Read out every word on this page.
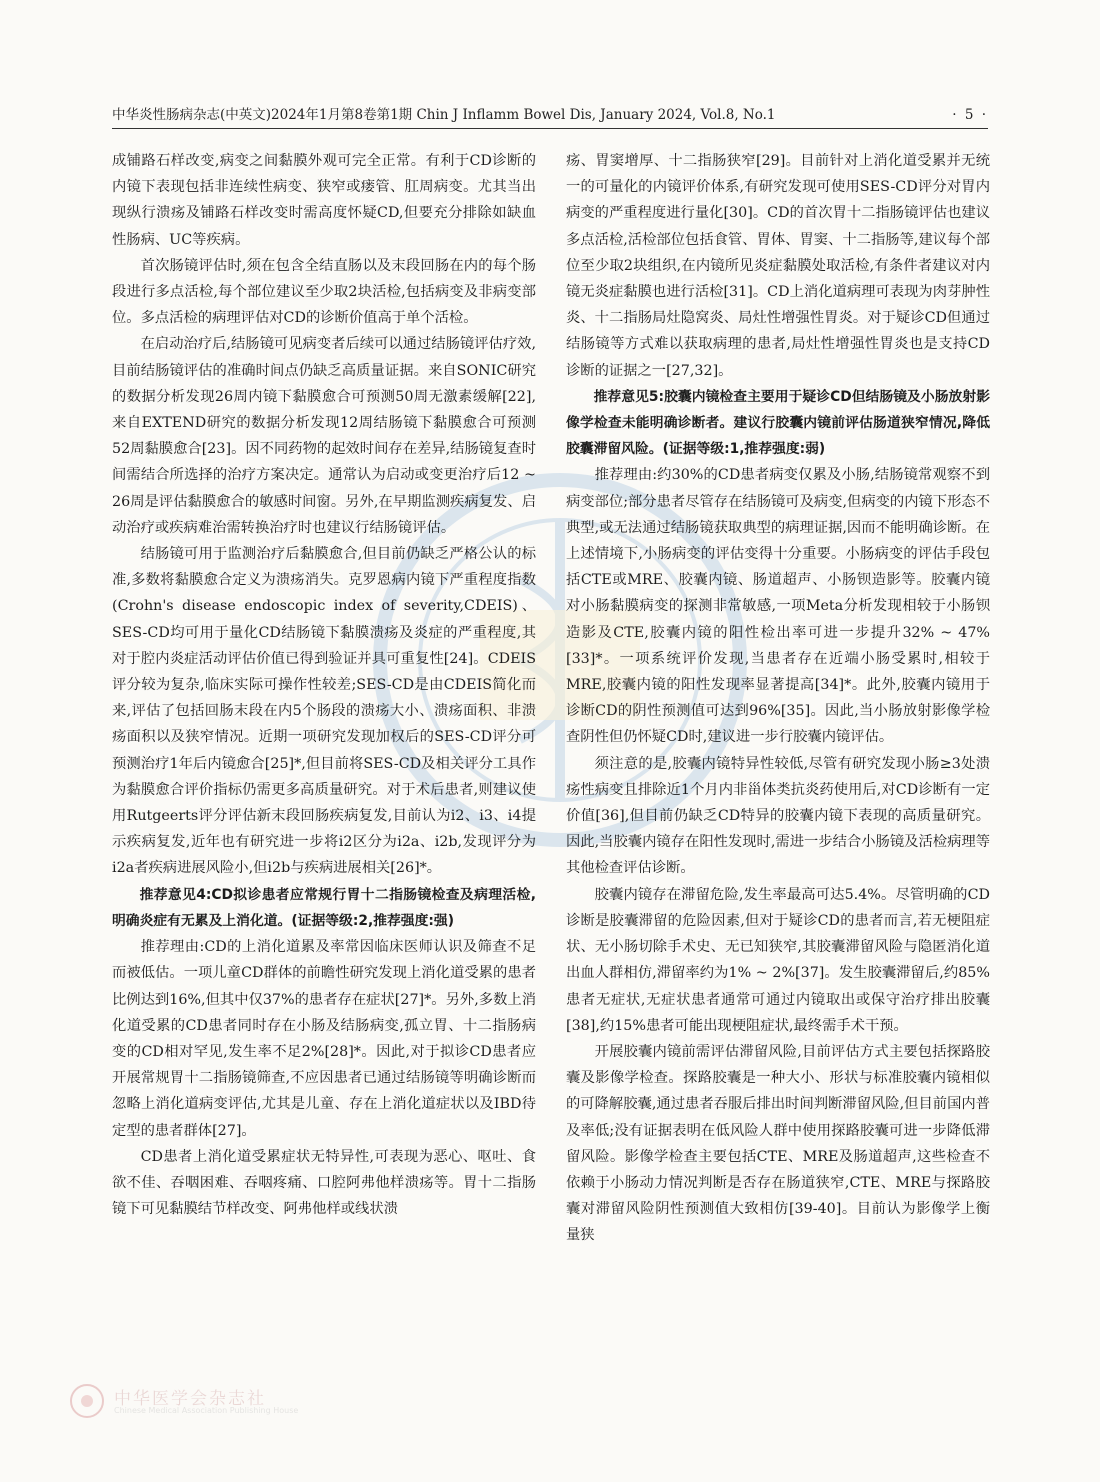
中华炎性肠病杂志(中英文)2024年1月第8卷第1期 Chin J Inflamm Bowel Dis, January 2024, Vol.8, No.1	· 5 ·

成铺路石样改变,病变之间黏膜外观可完全正常。有利于CD诊断的内镜下表现包括非连续性病变、狭窄或瘘管、肛周病变。尤其当出现纵行溃疡及铺路石样改变时需高度怀疑CD,但要充分排除如缺血性肠病、UC等疾病。

首次肠镜评估时,须在包含全结直肠以及末段回肠在内的每个肠段进行多点活检,每个部位建议至少取2块活检,包括病变及非病变部位。多点活检的病理评估对CD的诊断价值高于单个活检。

在启动治疗后,结肠镜可见病变者后续可以通过结肠镜评估疗效,目前结肠镜评估的准确时间点仍缺乏高质量证据。来自SONIC研究的数据分析发现26周内镜下黏膜愈合可预测50周无激素缓解[22],来自EXTEND研究的数据分析发现12周结肠镜下黏膜愈合可预测52周黏膜愈合[23]。因不同药物的起效时间存在差异,结肠镜复查时间需结合所选择的治疗方案决定。通常认为启动或变更治疗后12 ~ 26周是评估黏膜愈合的敏感时间窗。另外,在早期监测疾病复发、启动治疗或疾病难治需转换治疗时也建议行结肠镜评估。

结肠镜可用于监测治疗后黏膜愈合,但目前仍缺乏严格公认的标准,多数将黏膜愈合定义为溃疡消失。克罗恩病内镜下严重程度指数(Crohn's disease endoscopic index of severity,CDEIS)、SES-CD均可用于量化CD结肠镜下黏膜溃疡及炎症的严重程度,其对于腔内炎症活动评估价值已得到验证并具可重复性[24]。CDEIS评分较为复杂,临床实际可操作性较差;SES-CD是由CDEIS简化而来,评估了包括回肠末段在内5个肠段的溃疡大小、溃疡面积、非溃疡面积以及狭窄情况。近期一项研究发现加权后的SES-CD评分可预测治疗1年后内镜愈合[25]*,但目前将SES-CD及相关评分工具作为黏膜愈合评价指标仍需更多高质量研究。对于术后患者,则建议使用Rutgeerts评分评估新末段回肠疾病复发,目前认为i2、i3、i4提示疾病复发,近年也有研究进一步将i2区分为i2a、i2b,发现评分为i2a者疾病进展风险小,但i2b与疾病进展相关[26]*。

推荐意见4:CD拟诊患者应常规行胃十二指肠镜检查及病理活检,明确炎症有无累及上消化道。(证据等级:2,推荐强度:强)

推荐理由:CD的上消化道累及率常因临床医师认识及筛查不足而被低估。一项儿童CD群体的前瞻性研究发现上消化道受累的患者比例达到16%,但其中仅37%的患者存在症状[27]*。另外,多数上消化道受累的CD患者同时存在小肠及结肠病变,孤立胃、十二指肠病变的CD相对罕见,发生率不足2%[28]*。因此,对于拟诊CD患者应开展常规胃十二指肠镜筛查,不应因患者已通过结肠镜等明确诊断而忽略上消化道病变评估,尤其是儿童、存在上消化道症状以及IBD待定型的患者群体[27]。

CD患者上消化道受累症状无特异性,可表现为恶心、呕吐、食欲不佳、吞咽困难、吞咽疼痛、口腔阿弗他样溃疡等。胃十二指肠镜下可见黏膜结节样改变、阿弗他样或线状溃

疡、胃窦增厚、十二指肠狭窄[29]。目前针对上消化道受累并无统一的可量化的内镜评价体系,有研究发现可使用SES-CD评分对胃内病变的严重程度进行量化[30]。CD的首次胃十二指肠镜评估也建议多点活检,活检部位包括食管、胃体、胃窦、十二指肠等,建议每个部位至少取2块组织,在内镜所见炎症黏膜处取活检,有条件者建议对内镜无炎症黏膜也进行活检[31]。CD上消化道病理可表现为肉芽肿性炎、十二指肠局灶隐窝炎、局灶性增强性胃炎。对于疑诊CD但通过结肠镜等方式难以获取病理的患者,局灶性增强性胃炎也是支持CD诊断的证据之一[27,32]。

推荐意见5:胶囊内镜检查主要用于疑诊CD但结肠镜及小肠放射影像学检查未能明确诊断者。建议行胶囊内镜前评估肠道狭窄情况,降低胶囊滞留风险。(证据等级:1,推荐强度:弱)

推荐理由:约30%的CD患者病变仅累及小肠,结肠镜常观察不到病变部位;部分患者尽管存在结肠镜可及病变,但病变的内镜下形态不典型,或无法通过结肠镜获取典型的病理证据,因而不能明确诊断。在上述情境下,小肠病变的评估变得十分重要。小肠病变的评估手段包括CTE或MRE、胶囊内镜、肠道超声、小肠钡造影等。胶囊内镜对小肠黏膜病变的探测非常敏感,一项Meta分析发现相较于小肠钡造影及CTE,胶囊内镜的阳性检出率可进一步提升32% ~ 47%[33]*。一项系统评价发现,当患者存在近端小肠受累时,相较于MRE,胶囊内镜的阳性发现率显著提高[34]*。此外,胶囊内镜用于诊断CD的阴性预测值可达到96%[35]。因此,当小肠放射影像学检查阴性但仍怀疑CD时,建议进一步行胶囊内镜评估。

须注意的是,胶囊内镜特异性较低,尽管有研究发现小肠≥3处溃疡性病变且排除近1个月内非甾体类抗炎药使用后,对CD诊断有一定价值[36],但目前仍缺乏CD特异的胶囊内镜下表现的高质量研究。因此,当胶囊内镜存在阳性发现时,需进一步结合小肠镜及活检病理等其他检查评估诊断。

胶囊内镜存在滞留危险,发生率最高可达5.4%。尽管明确的CD诊断是胶囊滞留的危险因素,但对于疑诊CD的患者而言,若无梗阻症状、无小肠切除手术史、无已知狭窄,其胶囊滞留风险与隐匿消化道出血人群相仿,滞留率约为1% ~ 2%[37]。发生胶囊滞留后,约85%患者无症状,无症状患者通常可通过内镜取出或保守治疗排出胶囊[38],约15%患者可能出现梗阻症状,最终需手术干预。

开展胶囊内镜前需评估滞留风险,目前评估方式主要包括探路胶囊及影像学检查。探路胶囊是一种大小、形状与标准胶囊内镜相似的可降解胶囊,通过患者吞服后排出时间判断滞留风险,但目前国内普及率低;没有证据表明在低风险人群中使用探路胶囊可进一步降低滞留风险。影像学检查主要包括CTE、MRE及肠道超声,这些检查不依赖于小肠动力情况判断是否存在肠道狭窄,CTE、MRE与探路胶囊对滞留风险阴性预测值大致相仿[39-40]。目前认为影像学上衡量狭

中华医学会杂志社
Chinese Medical Association Publishing House
